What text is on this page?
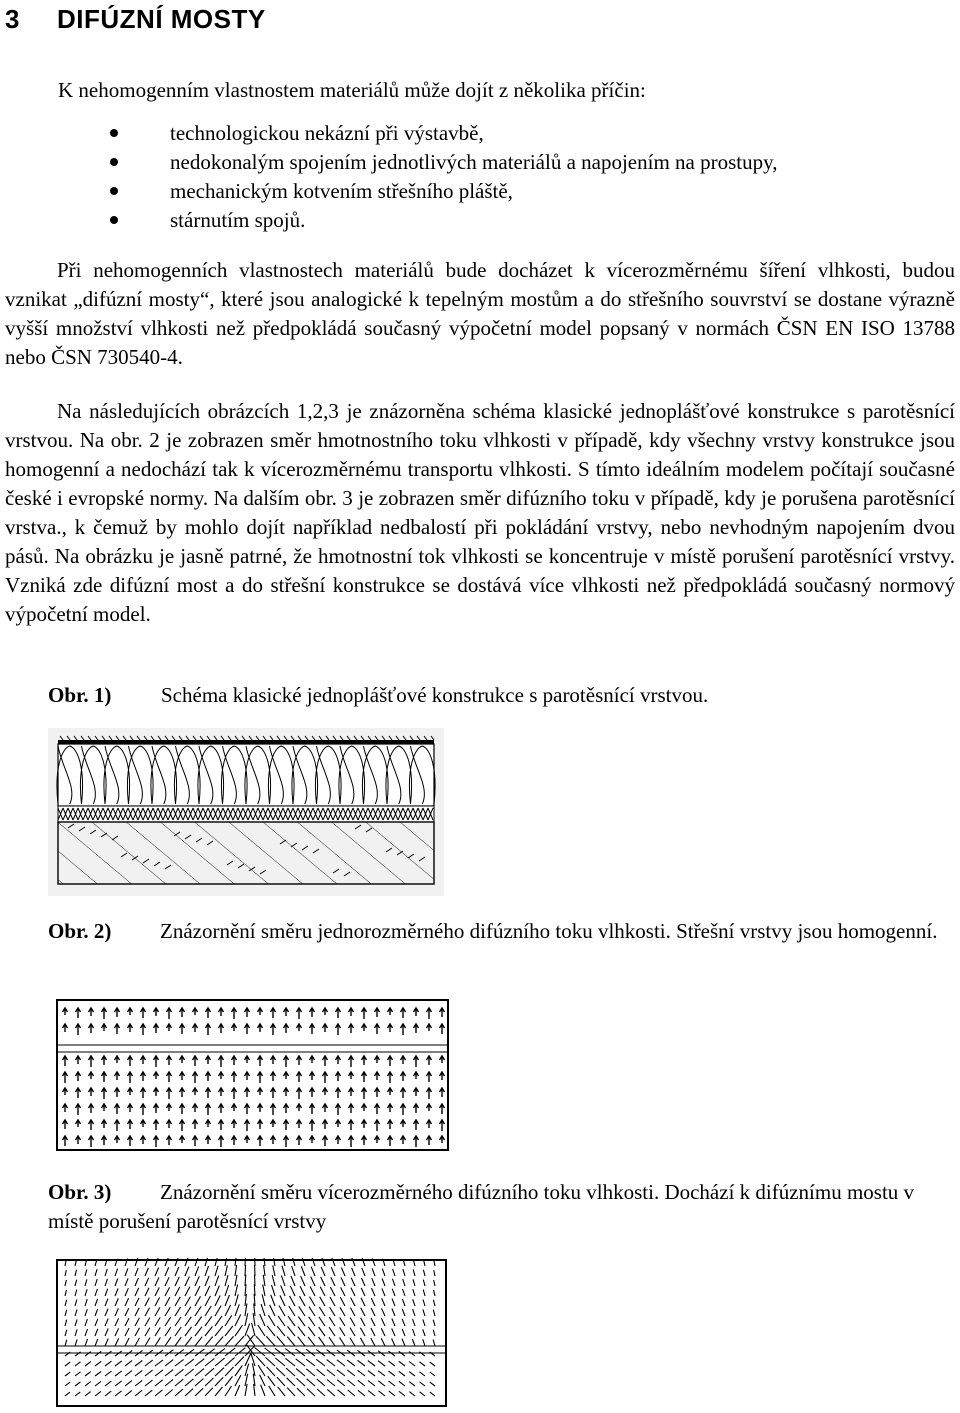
3 DIFÚZNÍ MOSTY
K nehomogenním vlastnostem materiálů může dojít z několika příčin:
technologickou nekázní při výstavbě,
nedokonalým spojením jednotlivých materiálů a napojením na prostupy,
mechanickým kotvením střešního pláště,
stárnutím spojů.

Při nehomogenních vlastnostech materiálů bude docházet k vícerozměrnému šíření vlhkosti, budou vznikat „difúzní mosty“, které jsou analogické k tepelným mostům a do střešního souvrství se dostane výrazně vyšší množství vlhkosti než předpokládá současný výpočetní model popsaný v normách ČSN EN ISO 13788 nebo ČSN 730540-4.

Na následujících obrázcích 1,2,3 je znázorněna schéma klasické jednoplášťové konstrukce s parotěsnící vrstvou. Na obr. 2 je zobrazen směr hmotnostního toku vlhkosti v případě, kdy všechny vrstvy konstrukce jsou homogenní a nedochází tak k vícerozměrnému transportu vlhkosti. S tímto ideálním modelem počítají současné české i evropské normy. Na dalším obr. 3 je zobrazen směr difúzního toku v případě, kdy je porušena parotěsnící vrstva., k čemuž by mohlo dojít například nedbalostí při pokládání vrstvy, nebo nevhodným napojením dvou pásů. Na obrázku je jasně patrné, že hmotnostní tok vlhkosti se koncentruje v místě porušení parotěsnící vrstvy. Vzniká zde difúzní most a do střešní konstrukce se dostává více vlhkosti než předpokládá současný normový výpočetní model.

Obr. 1) Schéma klasické jednoplášťové konstrukce s parotěsnící vrstvou.

Obr. 2) Znázornění směru jednorozměrného difúzního toku vlhkosti. Střešní vrstvy jsou homogenní.

Obr. 3) Znázornění směru vícerozměrného difúzního toku vlhkosti. Dochází k difúznímu mostu v místě porušení parotěsnící vrstvy
